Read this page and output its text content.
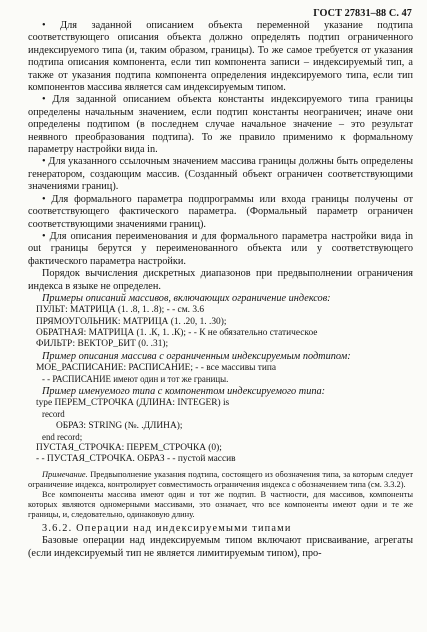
ГОСТ 27831–88 С. 47

• Для заданной описанием объекта переменной указание подтипа соответствующего описания объекта должно определять подтип ограниченного индексируемого типа (и, таким образом, границы). То же самое требуется от указания подтипа описания компонента, если тип компонента записи – индексируемый тип, а также от указания подтипа компонента определения индексируемого типа, если тип компонентов массива является сам индексируемым типом.

• Для заданной описанием объекта константы индексируемого типа границы определены начальным значением, если подтип константы неограничен; иначе они определены подтипом (в последнем случае начальное значение – это результат неявного преобразования подтипа). То же правило применимо к формальному параметру настройки вида in.

• Для указанного ссылочным значением массива границы должны быть определены генератором, создающим массив. (Созданный объект ограничен соответствующими значениями границ).

• Для формального параметра подпрограммы или входа границы получены от соответствующего фактического параметра. (Формальный параметр ограничен соответствующими значениями границ).

• Для описания переименования и для формального параметра настройки вида in out границы берутся у переименованного объекта или у соответствующего фактического параметра настройки.

Порядок вычисления дискретных диапазонов при предвыполнении ограничения индекса в языке не определен.

Примеры описаний массивов, включающих ограничение индексов:

ПУЛЬТ: МАТРИЦА (1. .8, 1. .8); - - см. 3.6

ПРЯМОУГОЛЬНИК: МАТРИЦА (1. .20, 1. .30);

ОБРАТНАЯ: МАТРИЦА (1. .К, 1. .К); - - К не обязательно статическое

ФИЛЬТР: ВЕКТОР_БИТ (0. .31);

Пример описания массива с ограниченным индексируемым подтипом:

МОЕ_РАСПИСАНИЕ: РАСПИСАНИЕ; - - все массивы типа

- - РАСПИСАНИЕ имеют один и тот же границы.

Пример именуемого типа с компонентом индексируемого типа:

type ПЕРЕМ_СТРОЧКА (ДЛИНА: INTEGER) is

record

ОБРАЗ: STRING (№. .ДЛИНА);

end record;

ПУСТАЯ_СТРОЧКА: ПЕРЕМ_СТРОЧКА (0);

- - ПУСТАЯ_СТРОЧКА. ОБРАЗ - - пустой массив

Примечание. Предвыполнение указания подтипа, состоящего из обозначения типа, за которым следует ограничение индекса, контролирует совместимость ограничения индекса с обозначением типа (см. 3.3.2).

Все компоненты массива имеют один и тот же подтип. В частности, для массивов, компоненты которых являются одномерными массивами, это означает, что все компоненты имеют одни и те же границы, и, следовательно, одинаковую длину.

3.6.2. Операции над индексируемыми типами

Базовые операции над индексируемым типом включают присваивание, агрегаты (если индексируемый тип не является лимитируемым типом), про-
